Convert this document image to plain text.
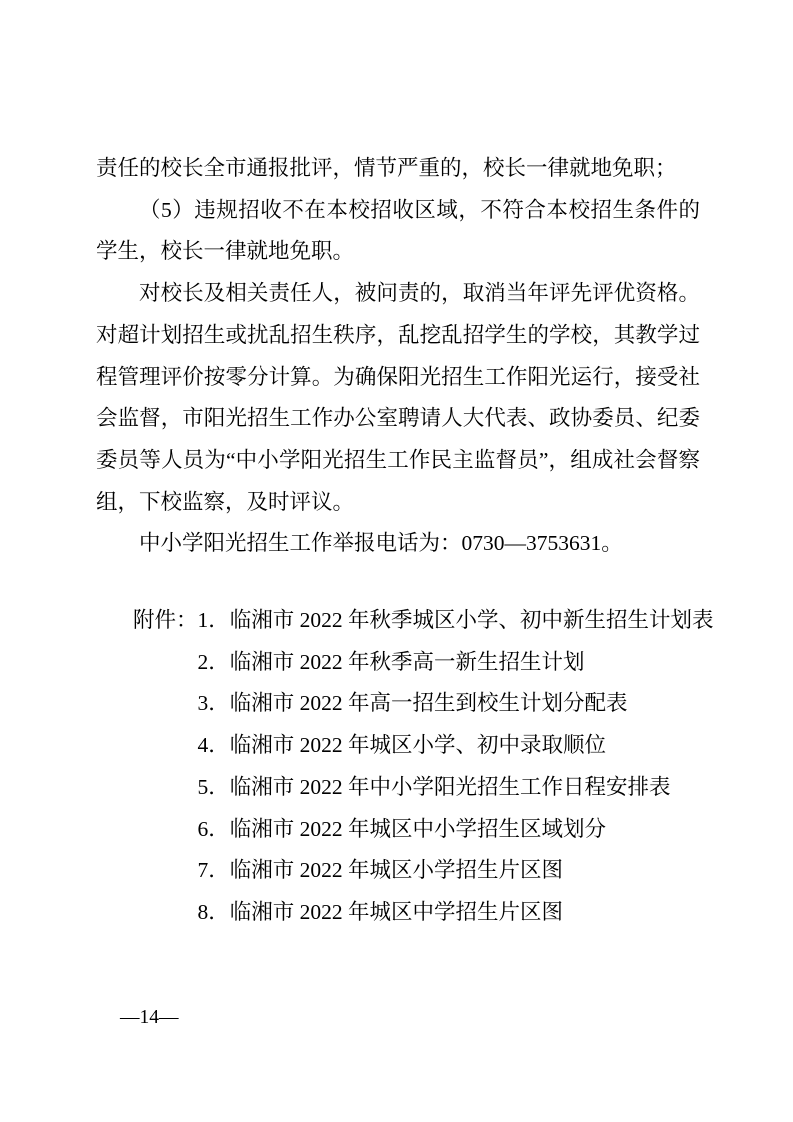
责任的校长全市通报批评，情节严重的，校长一律就地免职；

（5）违规招收不在本校招收区域，不符合本校招生条件的学生，校长一律就地免职。

对校长及相关责任人，被问责的，取消当年评先评优资格。对超计划招生或扰乱招生秩序，乱挖乱招学生的学校，其教学过程管理评价按零分计算。为确保阳光招生工作阳光运行，接受社会监督，市阳光招生工作办公室聘请人大代表、政协委员、纪委委员等人员为“中小学阳光招生工作民主监督员”，组成社会督察组，下校监察，及时评议。

中小学阳光招生工作举报电话为：0730—3753631。

附件： 1．临湘市 2022 年秋季城区小学、初中新生招生计划表
2．临湘市 2022 年秋季高一新生招生计划
3．临湘市 2022 年高一招生到校生计划分配表
4．临湘市 2022 年城区小学、初中录取顺位
5．临湘市 2022 年中小学阳光招生工作日程安排表
6．临湘市 2022 年城区中小学招生区域划分
7．临湘市 2022 年城区小学招生片区图
8．临湘市 2022 年城区中学招生片区图
—14—
